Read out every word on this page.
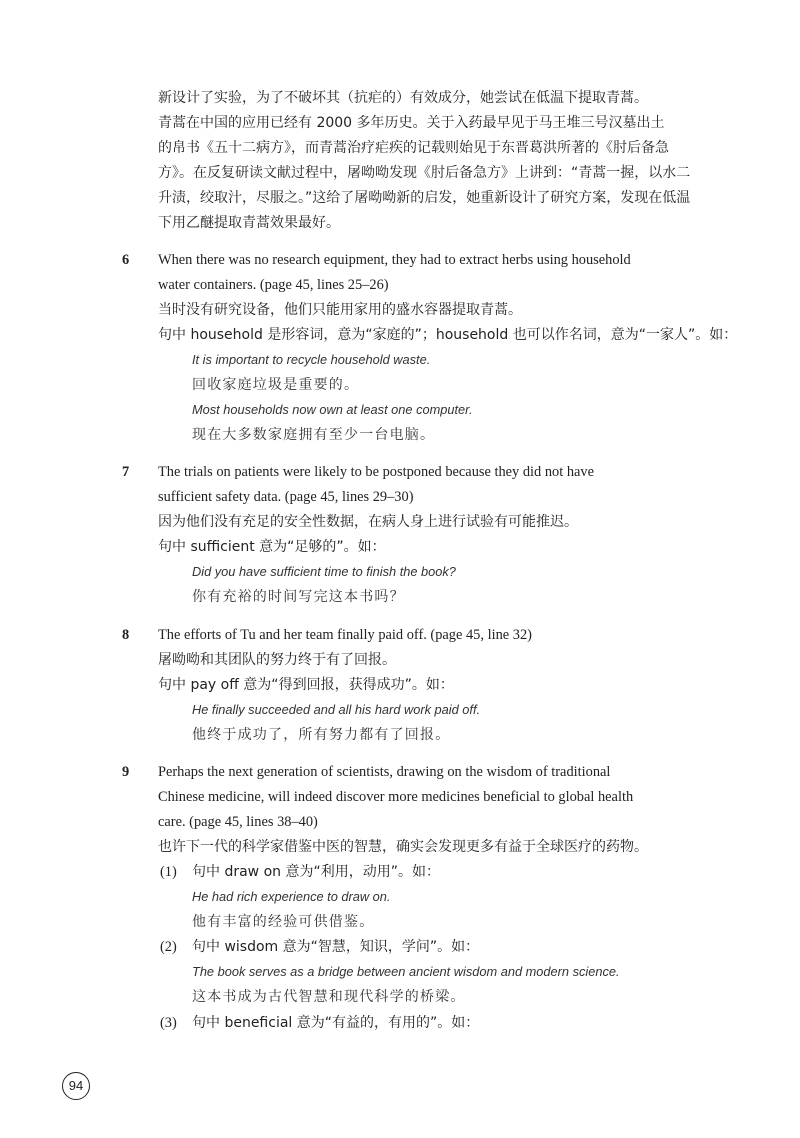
新设计了实验，为了不破坏其（抗疟的）有效成分，她尝试在低温下提取青蒿。
青蒿在中国的应用已经有 2000 多年历史。关于入药最早见于马王堆三号汉墓出土
的帛书《五十二病方》，而青蒿治疗疟疾的记载则始见于东晋葛洪所著的《肘后备急
方》。在反复研读文献过程中，屠呦呦发现《肘后备急方》上讲到：“青蒿一握，以水二
升渍，绞取汁，尽服之。”这给了屠呦呦新的启发，她重新设计了研究方案，发现在低温
下用乙醚提取青蒿效果最好。
6	When there was no research equipment, they had to extract herbs using household
water containers. (page 45, lines 25–26)
当时没有研究设备，他们只能用家用的盛水容器提取青蒿。
句中 household 是形容词，意为“家庭的”；household 也可以作名词，意为“一家人”。如：
It is important to recycle household waste.
回收家庭垃圾是重要的。
Most households now own at least one computer.
现在大多数家庭拥有至少一台电脑。
7	The trials on patients were likely to be postponed because they did not have
sufficient safety data. (page 45, lines 29–30)
因为他们没有充足的安全性数据，在病人身上进行试验有可能推迟。
句中 sufficient 意为“足够的”。如：
Did you have sufficient time to finish the book?
你有充裕的时间写完这本书吗？
8	The efforts of Tu and her team finally paid off. (page 45, line 32)
屠呦呦和其团队的努力终于有了回报。
句中 pay off 意为“得到回报，获得成功”。如：
He finally succeeded and all his hard work paid off.
他终于成功了，所有努力都有了回报。
9	Perhaps the next generation of scientists, drawing on the wisdom of traditional
Chinese medicine, will indeed discover more medicines beneficial to global health
care. (page 45, lines 38–40)
也许下一代的科学家借鉴中医的智慧，确实会发现更多有益于全球医疗的药物。
(1) 句中 draw on 意为“利用，动用”。如：
He had rich experience to draw on.
他有丰富的经验可供借鉴。
(2) 句中 wisdom 意为“智慧，知识，学问”。如：
The book serves as a bridge between ancient wisdom and modern science.
这本书成为古代智慧和现代科学的桥梁。
(3) 句中 beneficial 意为“有益的，有用的”。如：
94
